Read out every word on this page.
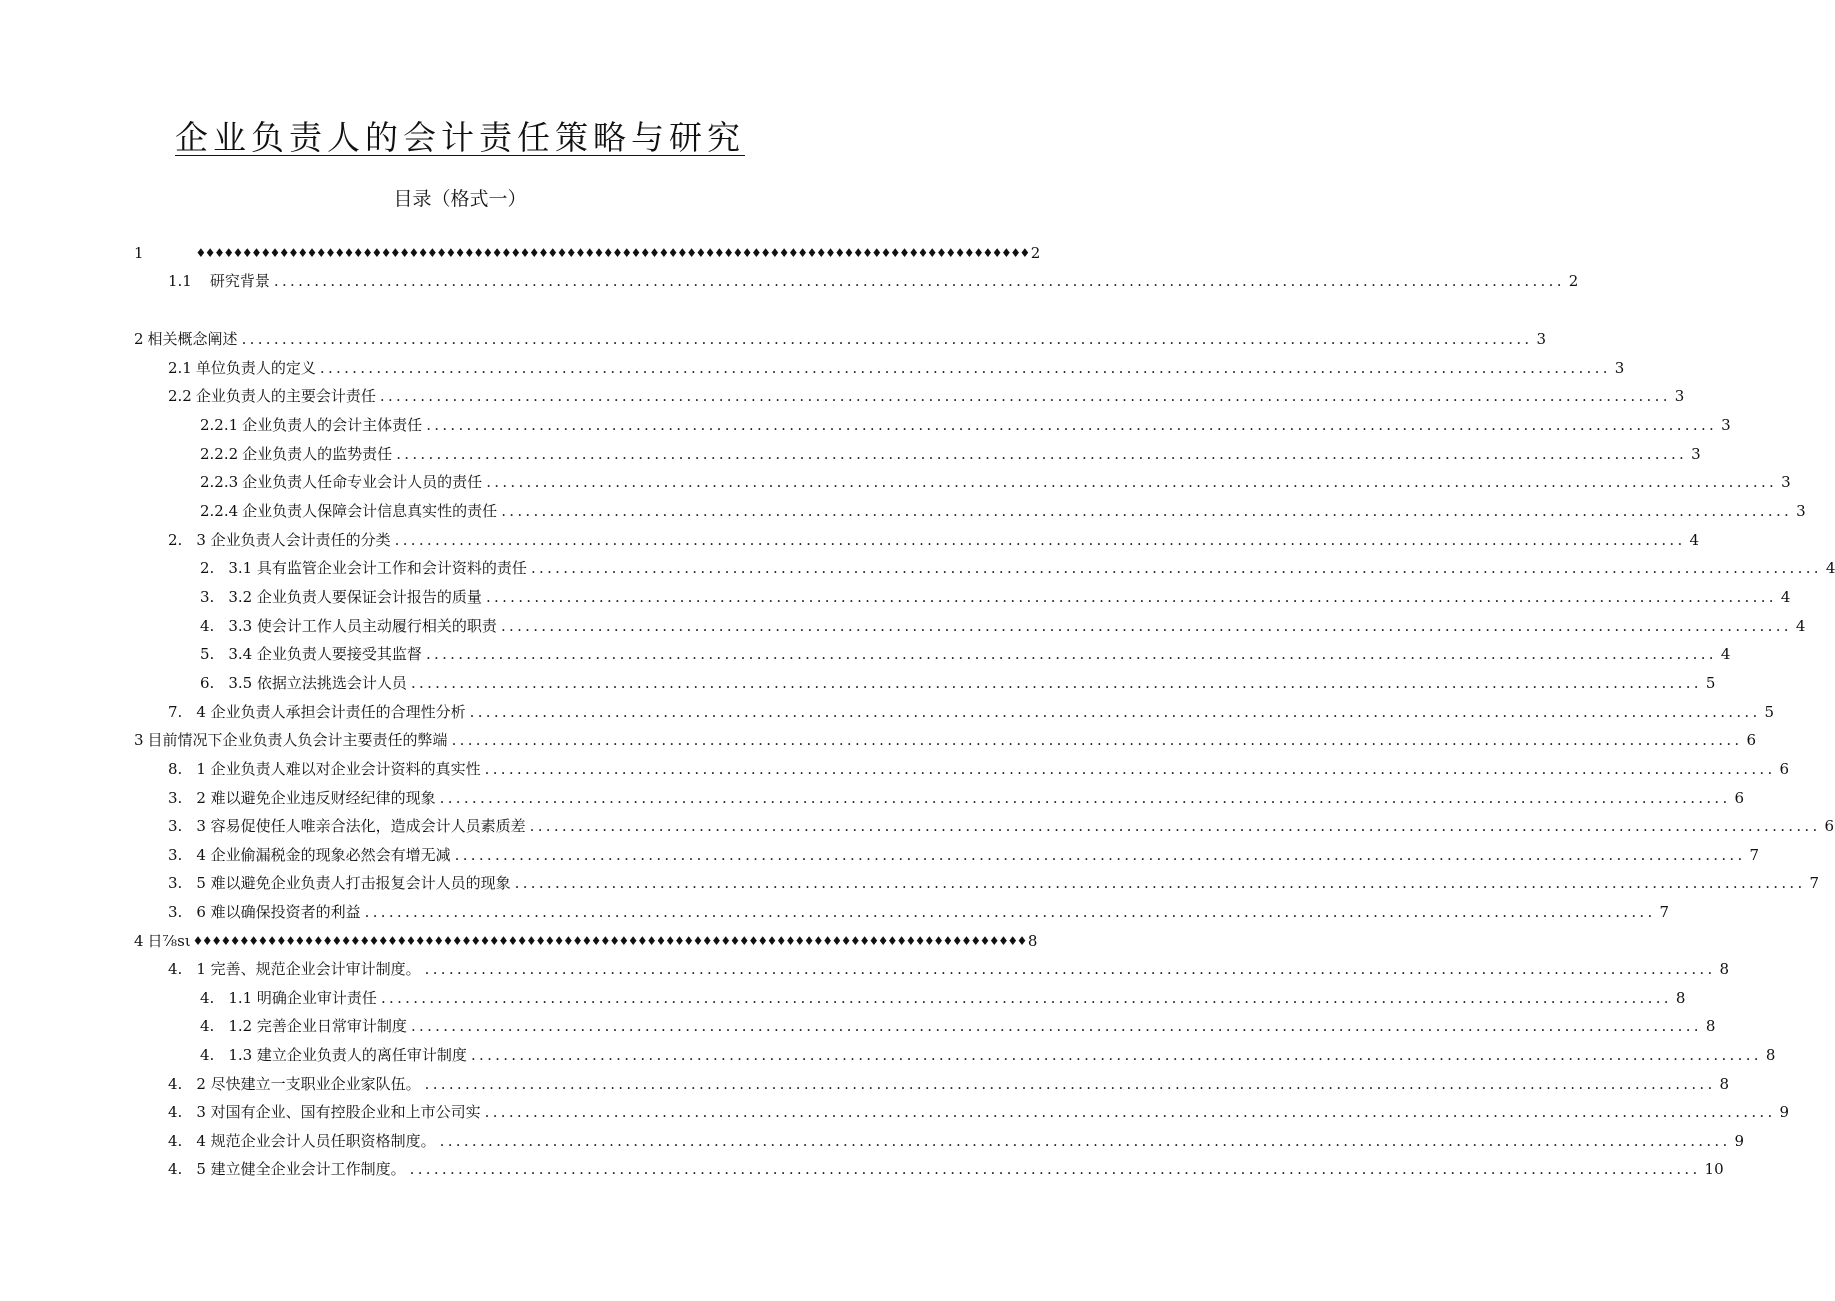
企业负责人的会计责任策略与研究
目录（格式一）
1	♦♦♦♦♦♦♦♦♦♦♦♦♦♦♦♦♦♦♦♦♦♦♦♦♦♦♦♦♦♦♦♦♦♦♦♦♦♦♦♦♦♦♦♦♦♦♦♦♦♦♦♦♦♦♦♦♦♦♦♦♦♦♦♦♦♦♦♦♦♦♦♦♦♦♦♦♦♦♦♦♦♦♦♦♦♦♦♦♦♦ 2
1.1 研究背景 ................................................................................................................................................................ 2
2 相关概念阐述 ................................................................................................................................................................ 3
2.1 单位负责人的定义 ................................................................................................................................................................ 3
2.2 企业负责人的主要会计责任 ................................................................................................................................................................ 3
2.2.1 企业负责人的会计主体责任 ................................................................................................................................................................ 3
2.2.2 企业负责人的监势责任 ................................................................................................................................................................ 3
2.2.3 企业负责人任命专业会计人员的责任 ................................................................................................................................................................ 3
2.2.4 企业负责人保障会计信息真实性的责任 ................................................................................................................................................................ 3
2. 3 企业负责人会计责任的分类 ................................................................................................................................................................ 4
2. 3.1 具有监管企业会计工作和会计资料的责任 ................................................................................................................................................................ 4
3. 3.2 企业负责人要保证会计报告的质量 ................................................................................................................................................................ 4
4. 3.3 使会计工作人员主动履行相关的职责 ................................................................................................................................................................ 4
5. 3.4 企业负责人要接受其监督 ................................................................................................................................................................ 4
6. 3.5 依据立法挑选会计人员 ................................................................................................................................................................ 5
7. 4 企业负责人承担会计责任的合理性分析 ................................................................................................................................................................ 5
3 目前情况下企业负责人负会计主要责任的弊端 ................................................................................................................................................................ 6
8. 1 企业负责人难以对企业会计资料的真实性 ................................................................................................................................................................ 6
3. 2 难以避免企业违反财经纪律的现象 ................................................................................................................................................................ 6
3. 3 容易促使任人唯亲合法化，造成会计人员素质差 ................................................................................................................................................................ 6
3. 4 企业偷漏税金的现象必然会有增无减 ................................................................................................................................................................ 7
3. 5 难以避免企业负责人打击报复会计人员的现象 ................................................................................................................................................................ 7
3. 6 难以确保投资者的利益 ................................................................................................................................................................ 7
4 日⅞sι ♦♦♦♦♦♦♦♦♦♦♦♦♦♦♦♦♦♦♦♦♦♦♦♦♦♦♦♦♦♦♦♦♦♦♦♦♦♦♦♦♦♦♦♦♦♦♦♦♦♦♦♦♦♦♦♦♦♦♦♦♦♦♦♦♦♦♦♦♦♦♦♦♦♦♦♦♦♦♦♦♦♦♦♦♦♦♦♦♦♦ 8
4. 1 完善、规范企业会计审计制度。 ................................................................................................................................................................ 8
4. 1.1 明确企业审计责任 ................................................................................................................................................................ 8
4. 1.2 完善企业日常审计制度 ................................................................................................................................................................ 8
4. 1.3 建立企业负责人的离任审计制度 ................................................................................................................................................................ 8
4. 2 尽快建立一支职业企业家队伍。 ................................................................................................................................................................ 8
4. 3 对国有企业、国有控股企业和上市公司实 ................................................................................................................................................................ 9
4. 4 规范企业会计人员任职资格制度。 ................................................................................................................................................................ 9
4. 5 建立健全企业会计工作制度。 ................................................................................................................................................................ 10
